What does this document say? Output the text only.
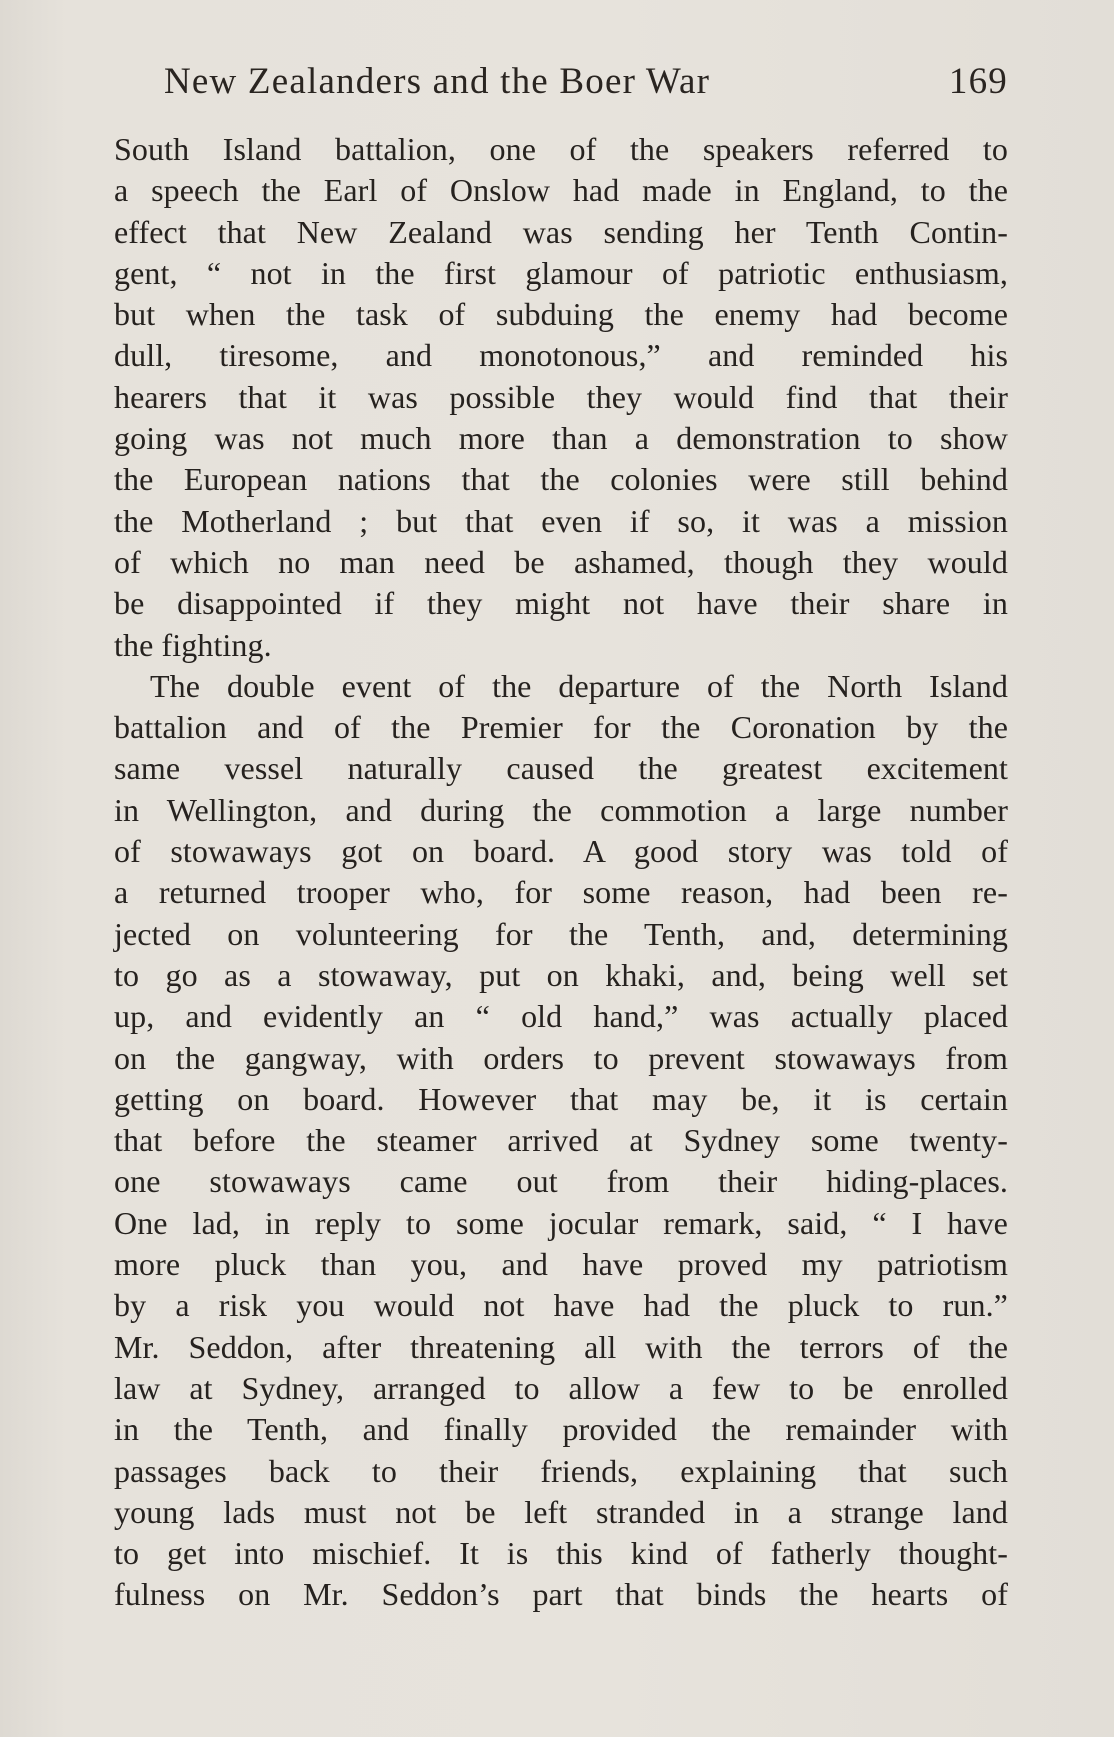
New Zealanders and the Boer War	169
South Island battalion, one of the speakers referred to
a speech the Earl of Onslow had made in England, to the
effect that New Zealand was sending her Tenth Contin-
gent, “ not in the first glamour of patriotic enthusiasm,
but when the task of subduing the enemy had become
dull, tiresome, and monotonous,” and reminded his
hearers that it was possible they would find that their
going was not much more than a demonstration to show
the European nations that the colonies were still behind
the Motherland ; but that even if so, it was a mission
of which no man need be ashamed, though they would
be disappointed if they might not have their share in
the fighting.
The double event of the departure of the North Island
battalion and of the Premier for the Coronation by the
same vessel naturally caused the greatest excitement
in Wellington, and during the commotion a large number
of stowaways got on board. A good story was told of
a returned trooper who, for some reason, had been re-
jected on volunteering for the Tenth, and, determining
to go as a stowaway, put on khaki, and, being well set
up, and evidently an “ old hand,” was actually placed
on the gangway, with orders to prevent stowaways from
getting on board. However that may be, it is certain
that before the steamer arrived at Sydney some twenty-
one stowaways came out from their hiding-places.
One lad, in reply to some jocular remark, said, “ I have
more pluck than you, and have proved my patriotism
by a risk you would not have had the pluck to run.”
Mr. Seddon, after threatening all with the terrors of the
law at Sydney, arranged to allow a few to be enrolled
in the Tenth, and finally provided the remainder with
passages back to their friends, explaining that such
young lads must not be left stranded in a strange land
to get into mischief. It is this kind of fatherly thought-
fulness on Mr. Seddon’s part that binds the hearts of
